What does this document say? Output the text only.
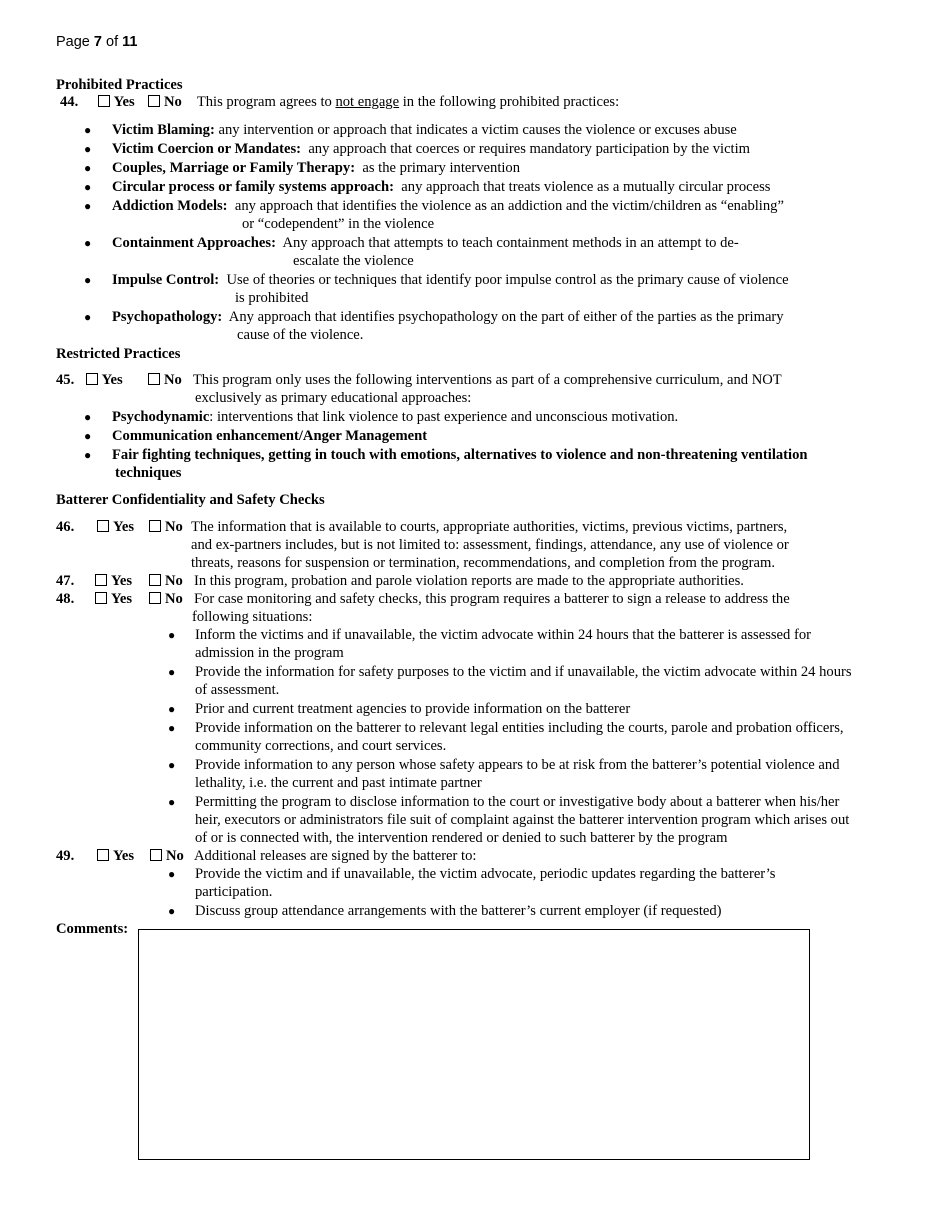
Page 7 of 11
Prohibited Practices
44. Yes No This program agrees to not engage in the following prohibited practices:
● Victim Blaming: any intervention or approach that indicates a victim causes the violence or excuses abuse
● Victim Coercion or Mandates: any approach that coerces or requires mandatory participation by the victim
● Couples, Marriage or Family Therapy: as the primary intervention
● Circular process or family systems approach: any approach that treats violence as a mutually circular process
● Addiction Models: any approach that identifies the violence as an addiction and the victim/children as “enabling”
or “codependent” in the violence
● Containment Approaches: Any approach that attempts to teach containment methods in an attempt to de-
escalate the violence
● Impulse Control: Use of theories or techniques that identify poor impulse control as the primary cause of violence
is prohibited
● Psychopathology: Any approach that identifies psychopathology on the part of either of the parties as the primary
cause of the violence.
Restricted Practices
45. Yes	No This program only uses the following interventions as part of a comprehensive curriculum, and NOT
exclusively as primary educational approaches:
● Psychodynamic: interventions that link violence to past experience and unconscious motivation.
● Communication enhancement/Anger Management
● Fair fighting techniques, getting in touch with emotions, alternatives to violence and non-threatening ventilation
techniques
Batterer Confidentiality and Safety Checks
46.	Yes	No The information that is available to courts, appropriate authorities, victims, previous victims, partners,
and ex-partners includes, but is not limited to: assessment, findings, attendance, any use of violence or
threats, reasons for suspension or termination, recommendations, and completion from the program.
47.	Yes	No In this program, probation and parole violation reports are made to the appropriate authorities.
48.	Yes	No For case monitoring and safety checks, this program requires a batterer to sign a release to address the
following situations:
● Inform the victims and if unavailable, the victim advocate within 24 hours that the batterer is assessed for
admission in the program
● Provide the information for safety purposes to the victim and if unavailable, the victim advocate within 24 hours
of assessment.
● Prior and current treatment agencies to provide information on the batterer
● Provide information on the batterer to relevant legal entities including the courts, parole and probation officers,
community corrections, and court services.
● Provide information to any person whose safety appears to be at risk from the batterer’s potential violence and
lethality, i.e. the current and past intimate partner
● Permitting the program to disclose information to the court or investigative body about a batterer when his/her
heir, executors or administrators file suit of complaint against the batterer intervention program which arises out
of or is connected with, the intervention rendered or denied to such batterer by the program
49.	Yes	No Additional releases are signed by the batterer to:
● Provide the victim and if unavailable, the victim advocate, periodic updates regarding the batterer’s
participation.
● Discuss group attendance arrangements with the batterer’s current employer (if requested)
Comments:
